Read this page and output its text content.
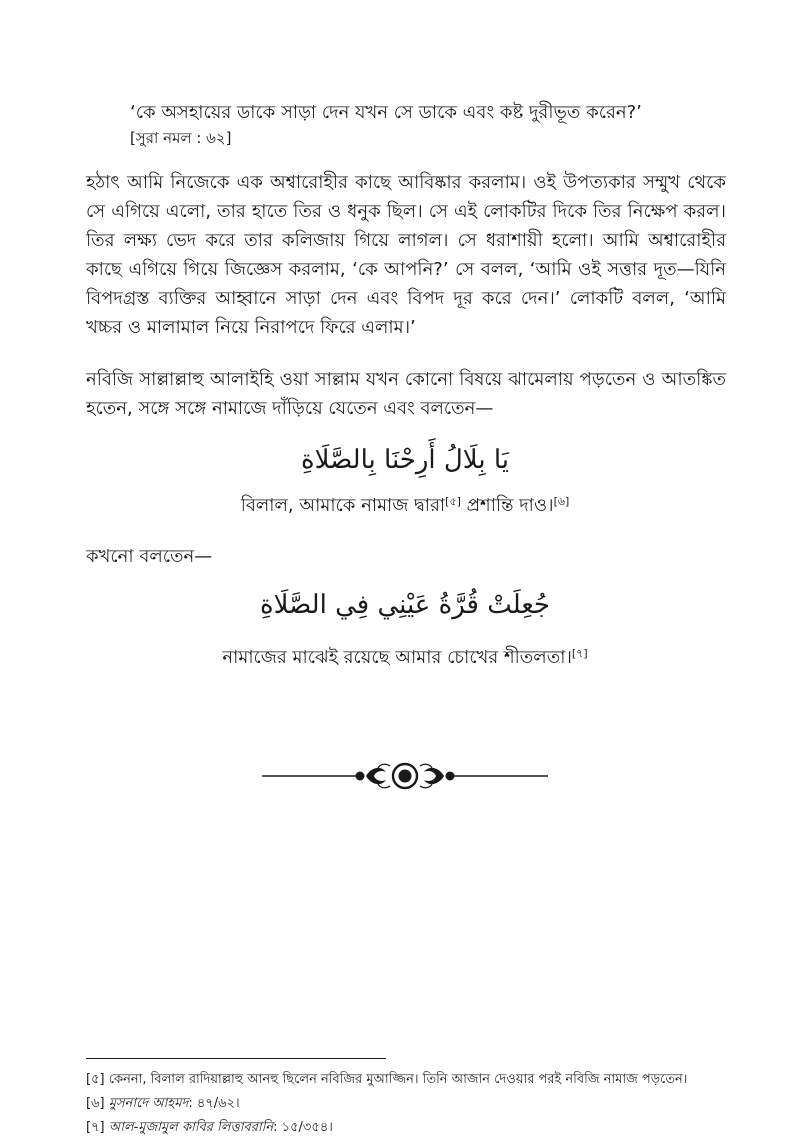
‘কে অসহায়ের ডাকে সাড়া দেন যখন সে ডাকে এবং কষ্ট দুরীভূত করেন?’
[সুরা নমল : ৬২]
হঠাৎ আমি নিজেকে এক অশ্বারোহীর কাছে আবিষ্কার করলাম। ওই উপত্যকার সম্মুখ থেকে সে এগিয়ে এলো, তার হাতে তির ও ধনুক ছিল। সে এই লোকটির দিকে তির নিক্ষেপ করল। তির লক্ষ্য ভেদ করে তার কলিজায় গিয়ে লাগল। সে ধরাশায়ী হলো। আমি অশ্বারোহীর কাছে এগিয়ে গিয়ে জিজ্ঞেস করলাম, ‘কে আপনি?’ সে বলল, ‘আমি ওই সত্তার দূত—যিনি বিপদগ্রস্ত ব্যক্তির আহ্বানে সাড়া দেন এবং বিপদ দূর করে দেন।’ লোকটি বলল, ‘আমি খচ্চর ও মালামাল নিয়ে নিরাপদে ফিরে এলাম।’
নবিজি সাল্লাল্লাহু আলাইহি ওয়া সাল্লাম যখন কোনো বিষয়ে ঝামেলায় পড়তেন ও আতঙ্কিত হতেন, সঙ্গে সঙ্গে নামাজে দাঁড়িয়ে যেতেন এবং বলতেন—
يَا بِلَالُ أَرِحْنَا بِالصَّلَاةِ
বিলাল, আমাকে নামাজ দ্বারা[৫] প্রশান্তি দাও।[৬]
কখনো বলতেন—
جُعِلَتْ قُرَّةُ عَيْنِي فِي الصَّلَاةِ
নামাজের মাঝেই রয়েছে আমার চোখের শীতলতা।[৭]
[৫] কেননা, বিলাল রাদিয়াল্লাহু আনহু ছিলেন নবিজির মুআজ্জিন। তিনি আজান দেওয়ার পরই নবিজি নামাজ পড়তেন।
[৬] মুসনাদে আহমদ: ৪৭/৬২।
[৭] আল-মুজামুল কাবির লিত্তাবরানি: ১৫/৩৫৪।
